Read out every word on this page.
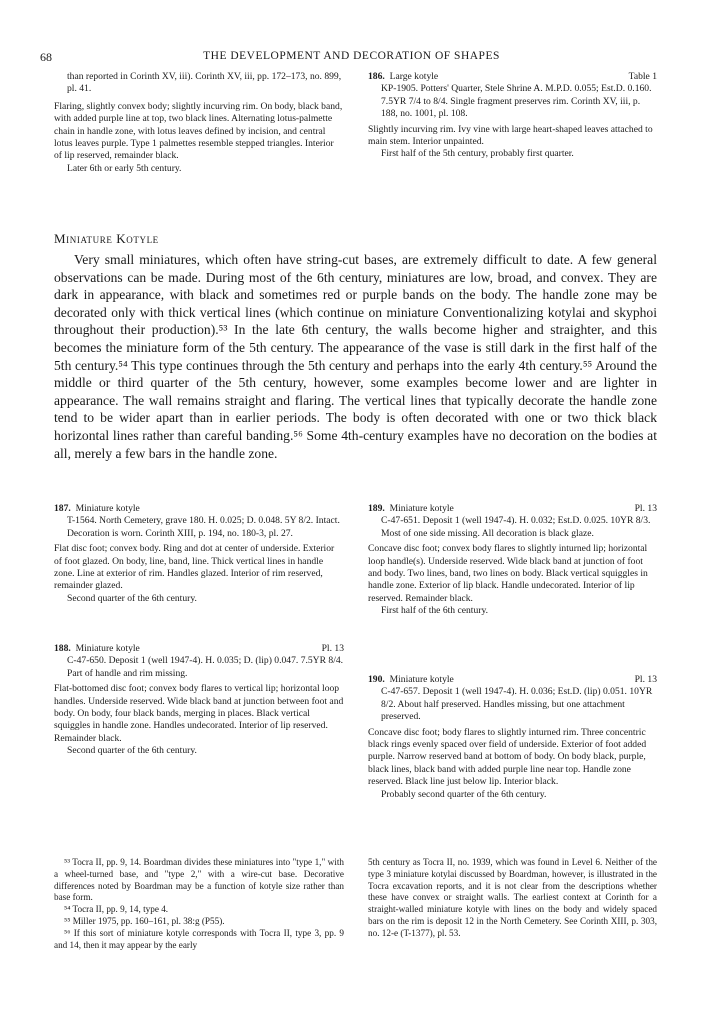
68	THE DEVELOPMENT AND DECORATION OF SHAPES

than reported in Corinth XV, iii). Corinth XV, iii, pp. 172–173, no. 899, pl. 41.

Flaring, slightly convex body; slightly incurving rim. On body, black band, with added purple line at top, two black lines. Alternating lotus-palmette chain in handle zone, with lotus leaves defined by incision, and central lotus leaves purple. Type 1 palmettes resemble stepped triangles. Interior of lip reserved, remainder black.

Later 6th or early 5th century.

186. Large kotyle	Table 1

KP-1905. Potters' Quarter, Stele Shrine A. M.P.D. 0.055; Est.D. 0.160. 7.5YR 7/4 to 8/4. Single fragment preserves rim. Corinth XV, iii, p. 188, no. 1001, pl. 108.

Slightly incurving rim. Ivy vine with large heart-shaped leaves attached to main stem. Interior unpainted.

First half of the 5th century, probably first quarter.

Miniature Kotyle

Very small miniatures, which often have string-cut bases, are extremely difficult to date. A few general observations can be made. During most of the 6th century, miniatures are low, broad, and convex. They are dark in appearance, with black and sometimes red or purple bands on the body. The handle zone may be decorated only with thick vertical lines (which continue on miniature Conventionalizing kotylai and skyphoi throughout their production).⁵³ In the late 6th century, the walls become higher and straighter, and this becomes the miniature form of the 5th century. The appearance of the vase is still dark in the first half of the 5th century.⁵⁴ This type continues through the 5th century and perhaps into the early 4th century.⁵⁵ Around the middle or third quarter of the 5th century, however, some examples become lower and are lighter in appearance. The wall remains straight and flaring. The vertical lines that typically decorate the handle zone tend to be wider apart than in earlier periods. The body is often decorated with one or two thick black horizontal lines rather than careful banding.⁵⁶ Some 4th-century examples have no decoration on the bodies at all, merely a few bars in the handle zone.

187. Miniature kotyle

T-1564. North Cemetery, grave 180. H. 0.025; D. 0.048. 5Y 8/2. Intact. Decoration is worn. Corinth XIII, p. 194, no. 180-3, pl. 27.

Flat disc foot; convex body. Ring and dot at center of underside. Exterior of foot glazed. On body, line, band, line. Thick vertical lines in handle zone. Line at exterior of rim. Handles glazed. Interior of rim reserved, remainder glazed.

Second quarter of the 6th century.

188. Miniature kotyle	Pl. 13

C-47-650. Deposit 1 (well 1947-4). H. 0.035; D. (lip) 0.047. 7.5YR 8/4. Part of handle and rim missing.

Flat-bottomed disc foot; convex body flares to vertical lip; horizontal loop handles. Underside reserved. Wide black band at junction between foot and body. On body, four black bands, merging in places. Black vertical squiggles in handle zone. Handles undecorated. Interior of lip reserved. Remainder black.

Second quarter of the 6th century.

189. Miniature kotyle	Pl. 13

C-47-651. Deposit 1 (well 1947-4). H. 0.032; Est.D. 0.025. 10YR 8/3. Most of one side missing. All decoration is black glaze.

Concave disc foot; convex body flares to slightly inturned lip; horizontal loop handle(s). Underside reserved. Wide black band at junction of foot and body. Two lines, band, two lines on body. Black vertical squiggles in handle zone. Exterior of lip black. Handle undecorated. Interior of lip reserved. Remainder black.

First half of the 6th century.

190. Miniature kotyle	Pl. 13

C-47-657. Deposit 1 (well 1947-4). H. 0.036; Est.D. (lip) 0.051. 10YR 8/2. About half preserved. Handles missing, but one attachment preserved.

Concave disc foot; body flares to slightly inturned rim. Three concentric black rings evenly spaced over field of underside. Exterior of foot added purple. Narrow reserved band at bottom of body. On body black, purple, black lines, black band with added purple line near top. Handle zone reserved. Black line just below lip. Interior black.

Probably second quarter of the 6th century.

⁵³ Tocra II, pp. 9, 14. Boardman divides these miniatures into "type 1," with a wheel-turned base, and "type 2," with a wire-cut base. Decorative differences noted by Boardman may be a function of kotyle size rather than base form.

⁵⁴ Tocra II, pp. 9, 14, type 4.

⁵⁵ Miller 1975, pp. 160–161, pl. 38:g (P55).

⁵⁶ If this sort of miniature kotyle corresponds with Tocra II, type 3, pp. 9 and 14, then it may appear by the early

5th century as Tocra II, no. 1939, which was found in Level 6. Neither of the type 3 miniature kotylai discussed by Boardman, however, is illustrated in the Tocra excavation reports, and it is not clear from the descriptions whether these have convex or straight walls. The earliest context at Corinth for a straight-walled miniature kotyle with lines on the body and widely spaced bars on the rim is deposit 12 in the North Cemetery. See Corinth XIII, p. 303, no. 12-e (T-1377), pl. 53.
